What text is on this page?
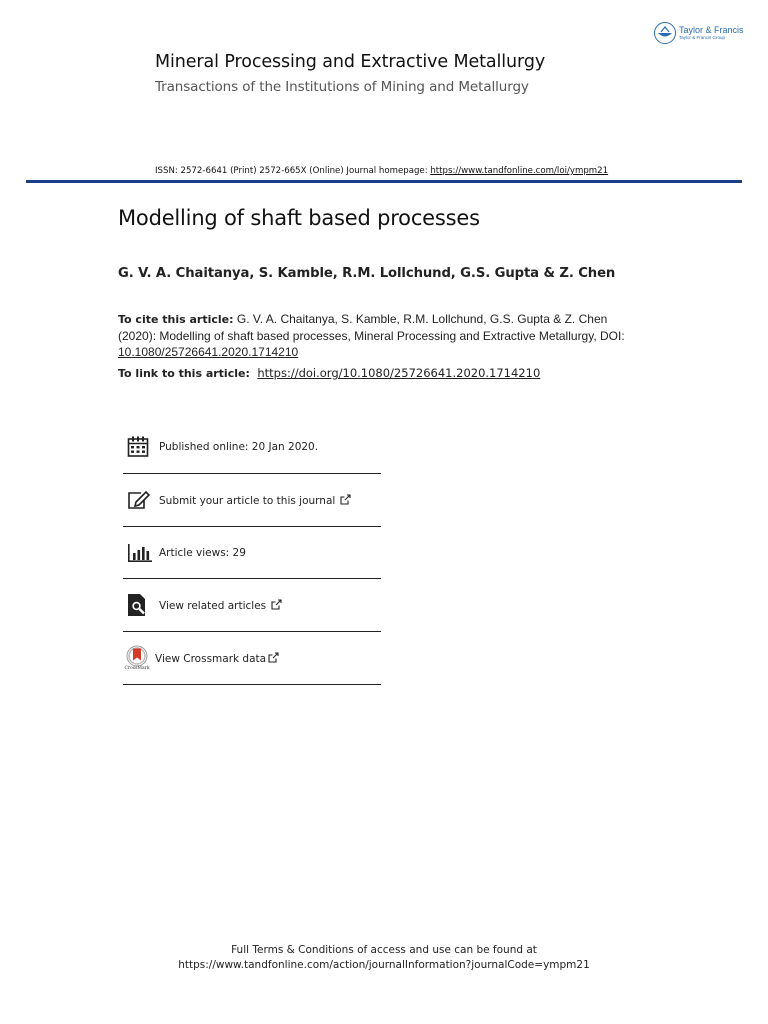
Taylor & Francis
Taylor & Francis Group
Mineral Processing and Extractive Metallurgy
Transactions of the Institutions of Mining and Metallurgy
ISSN: 2572-6641 (Print) 2572-665X (Online) Journal homepage: https://www.tandfonline.com/loi/ympm21
Modelling of shaft based processes
G. V. A. Chaitanya, S. Kamble, R.M. Lollchund, G.S. Gupta & Z. Chen
To cite this article: G. V. A. Chaitanya, S. Kamble, R.M. Lollchund, G.S. Gupta & Z. Chen (2020): Modelling of shaft based processes, Mineral Processing and Extractive Metallurgy, DOI: 10.1080/25726641.2020.1714210
To link to this article: https://doi.org/10.1080/25726641.2020.1714210
Published online: 20 Jan 2020.
Submit your article to this journal
Article views: 29
View related articles
CrossMark
View Crossmark data
Full Terms & Conditions of access and use can be found at
https://www.tandfonline.com/action/journalInformation?journalCode=ympm21
